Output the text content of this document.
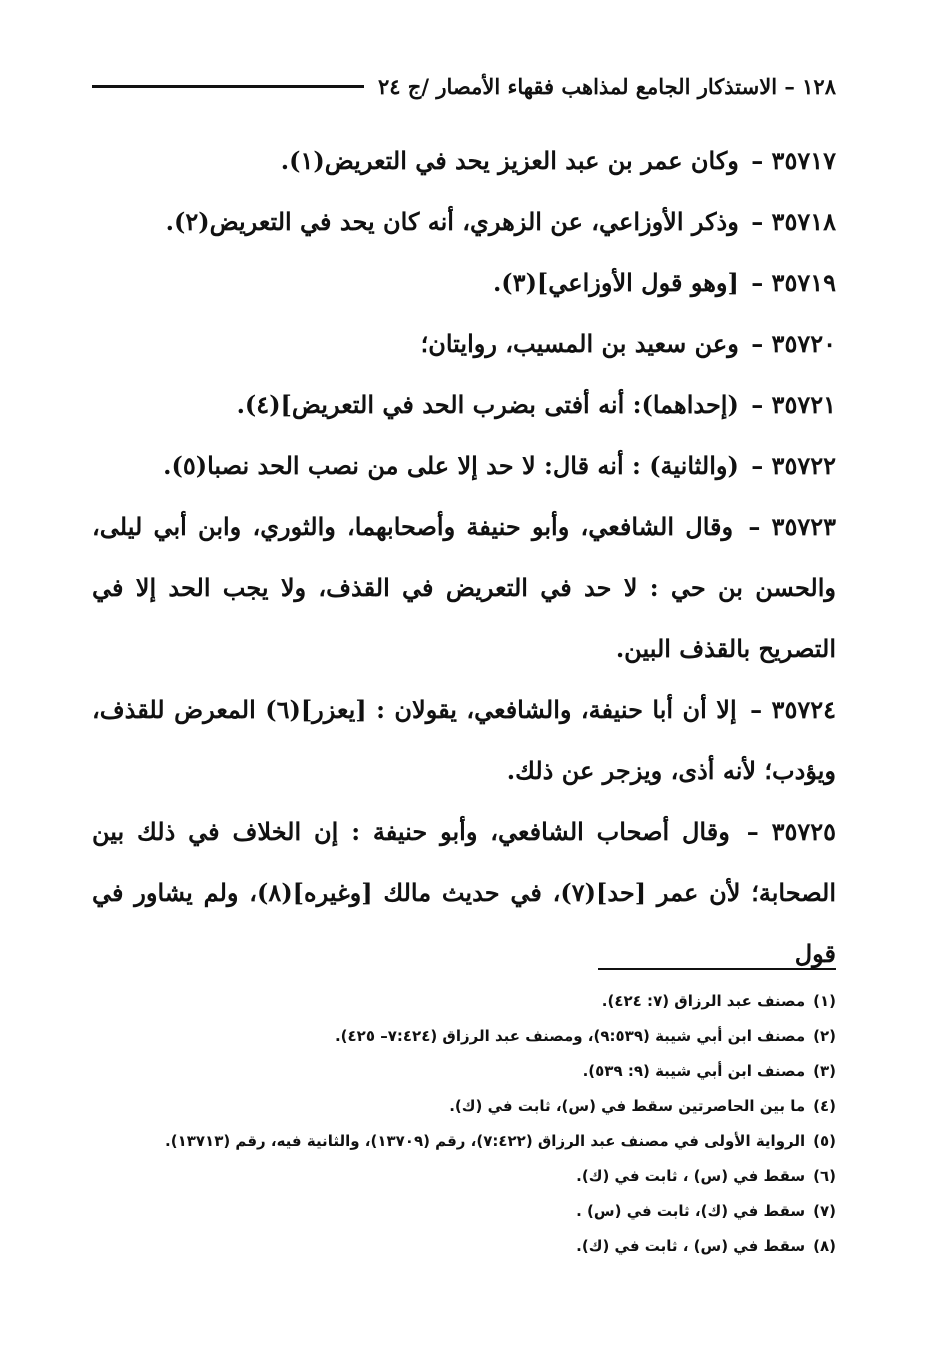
١٢٨ – الاستذكار الجامع لمذاهب فقهاء الأمصار /ج ٢٤

٣٥٧١٧ – وكان عمر بن عبد العزيز يحد في التعريض(١).

٣٥٧١٨ – وذكر الأوزاعي، عن الزهري، أنه كان يحد في التعريض(٢).

٣٥٧١٩ – [وهو قول الأوزاعي](٣).

٣٥٧٢٠ – وعن سعيد بن المسيب، روايتان؛

٣٥٧٢١ – (إحداهما): أنه أفتى بضرب الحد في التعريض](٤).

٣٥٧٢٢ – (والثانية) : أنه قال: لا حد إلا على من نصب الحد نصبا(٥).

٣٥٧٢٣ – وقال الشافعي، وأبو حنيفة وأصحابهما، والثوري، وابن أبي ليلى، والحسن بن حي : لا حد في التعريض في القذف، ولا يجب الحد إلا في التصريح بالقذف البين.

٣٥٧٢٤ – إلا أن أبا حنيفة، والشافعي، يقولان : [يعزر](٦) المعرض للقذف، ويؤدب؛ لأنه أذى، ويزجر عن ذلك.

٣٥٧٢٥ – وقال أصحاب الشافعي، وأبو حنيفة : إن الخلاف في ذلك بين الصحابة؛ لأن عمر [حد](٧)، في حديث مالك [وغيره](٨)، ولم يشاور في قول

(١)مصنف عبد الرزاق (٧: ٤٢٤).
(٢)مصنف ابن أبي شيبة (٩:٥٣٩)، ومصنف عبد الرزاق (٧:٤٢٤– ٤٢٥).
(٣)مصنف ابن أبي شيبة (٩: ٥٣٩).
(٤)ما بين الحاصرتين سقط في (س)، ثابت في (ك).
(٥)الرواية الأولى في مصنف عبد الرزاق (٧:٤٢٢)، رقم (١٣٧٠٩)، والثانية فيه، رقم (١٣٧١٣).
(٦)سقط في (س) ، ثابت في (ك).
(٧)سقط في (ك)، ثابت في (س) .
(٨)سقط في (س) ، ثابت في (ك).
